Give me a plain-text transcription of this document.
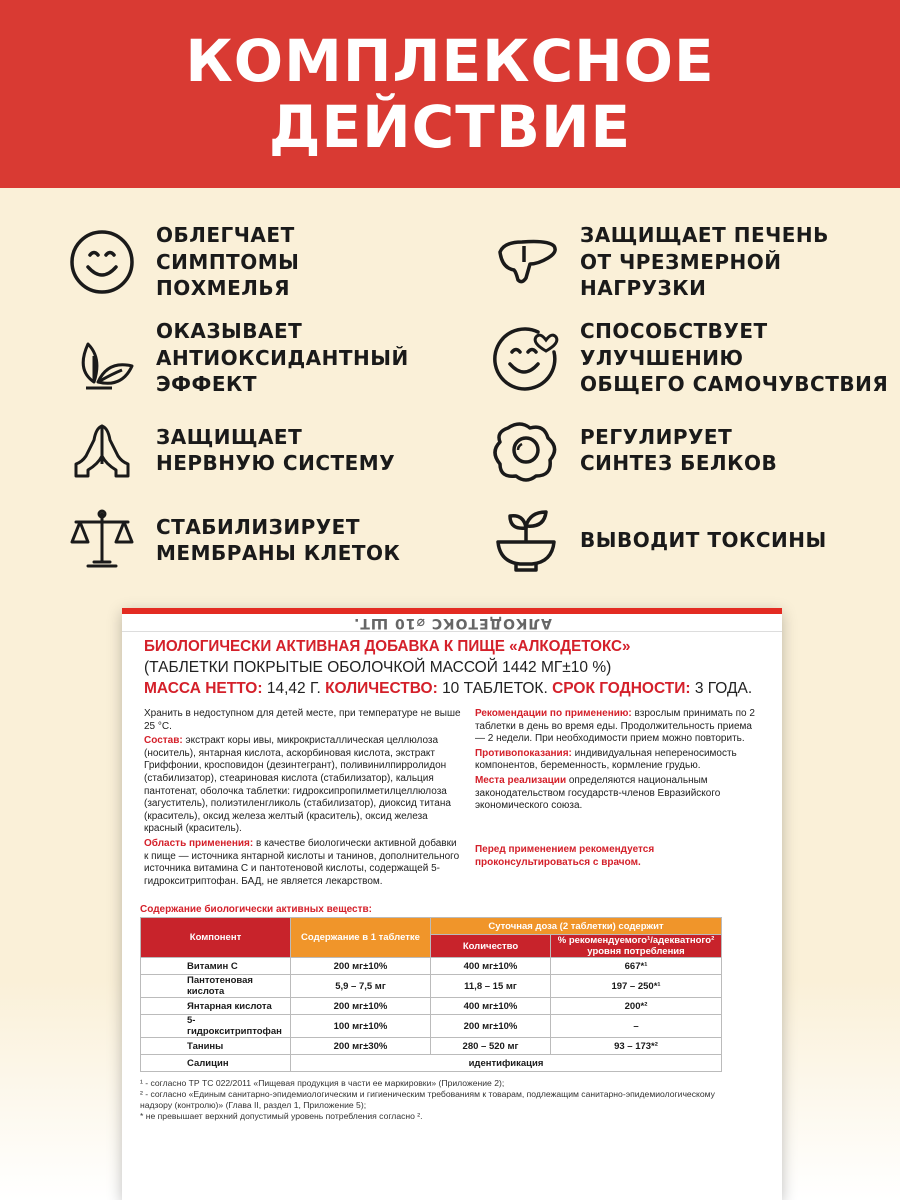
КОМПЛЕКСНОЕ
ДЕЙСТВИЕ
ОБЛЕГЧАЕТ
СИМПТОМЫ
ПОХМЕЛЬЯ
ЗАЩИЩАЕТ ПЕЧЕНЬ
ОТ ЧРЕЗМЕРНОЙ
НАГРУЗКИ
ОКАЗЫВАЕТ
АНТИОКСИДАНТНЫЙ
ЭФФЕКТ
СПОСОБСТВУЕТ
УЛУЧШЕНИЮ
ОБЩЕГО САМОЧУВСТВИЯ
ЗАЩИЩАЕТ
НЕРВНУЮ СИСТЕМУ
РЕГУЛИРУЕТ
СИНТЕЗ БЕЛКОВ
СТАБИЛИЗИРУЕТ
МЕМБРАНЫ КЛЕТОК
ВЫВОДИТ ТОКСИНЫ
АЛКОДЕТОКС ⌀10 ШТ.
БИОЛОГИЧЕСКИ АКТИВНАЯ ДОБАВКА К ПИЩЕ «АЛКОДЕТОКС»
(ТАБЛЕТКИ ПОКРЫТЫЕ ОБОЛОЧКОЙ МАССОЙ 1442 МГ±10 %)
МАССА НЕТТО: 14,42 Г. КОЛИЧЕСТВО: 10 ТАБЛЕТОК. СРОК ГОДНОСТИ: 3 ГОДА.
Хранить в недоступном для детей месте, при температуре не выше 25 °С.
Состав: экстракт коры ивы, микрокристаллическая целлюлоза (носитель), янтарная кислота, аскорбиновая кислота, экстракт Гриффонии, кросповидон (дезинтегрант), поливинилпирролидон (стабилизатор), стеариновая кислота (стабилизатор), кальция пантотенат, оболочка таблетки: гидроксипропилметилцеллюлоза (загуститель), полиэтиленгликоль (стабилизатор), диоксид титана (краситель), оксид железа желтый (краситель), оксид железа красный (краситель).
Область применения: в качестве биологически активной добавки к пище — источника янтарной кислоты и танинов, дополнительного источника витамина С и пантотеновой кислоты, содержащей 5-гидрокситриптофан. БАД, не является лекарством.
Рекомендации по применению: взрослым принимать по 2 таблетки в день во время еды. Продолжительность приема — 2 недели. При необходимости прием можно повторить.
Противопоказания: индивидуальная непереносимость компонентов, беременность, кормление грудью.
Места реализации определяются национальным законодательством государств-членов Евразийского экономического союза.
Перед применением рекомендуется проконсультироваться с врачом.
Содержание биологически активных веществ:
Компонент	Содержание в 1 таблетке	Суточная доза (2 таблетки) содержит	
		Количество	% рекомендуемого¹/адекватного² уровня потребления
Витамин С	200 мг±10%	400 мг±10%	667*¹
Пантотеновая кислота	5,9 – 7,5 мг	11,8 – 15 мг	197 – 250*¹
Янтарная кислота	200 мг±10%	400 мг±10%	200*²
5-гидрокситриптофан	100 мг±10%	200 мг±10%	–
Танины	200 мг±30%	280 – 520 мг	93 – 173*²
Салицин	идентификация		
¹ - согласно ТР ТС 022/2011 «Пищевая продукция в части ее маркировки» (Приложение 2);
² - согласно «Единым санитарно-эпидемиологическим и гигиеническим требованиям к товарам, подлежащим санитарно-эпидемиологическому надзору (контролю)» (Глава II, раздел 1, Приложение 5);
* не превышает верхний допустимый уровень потребления согласно ².
